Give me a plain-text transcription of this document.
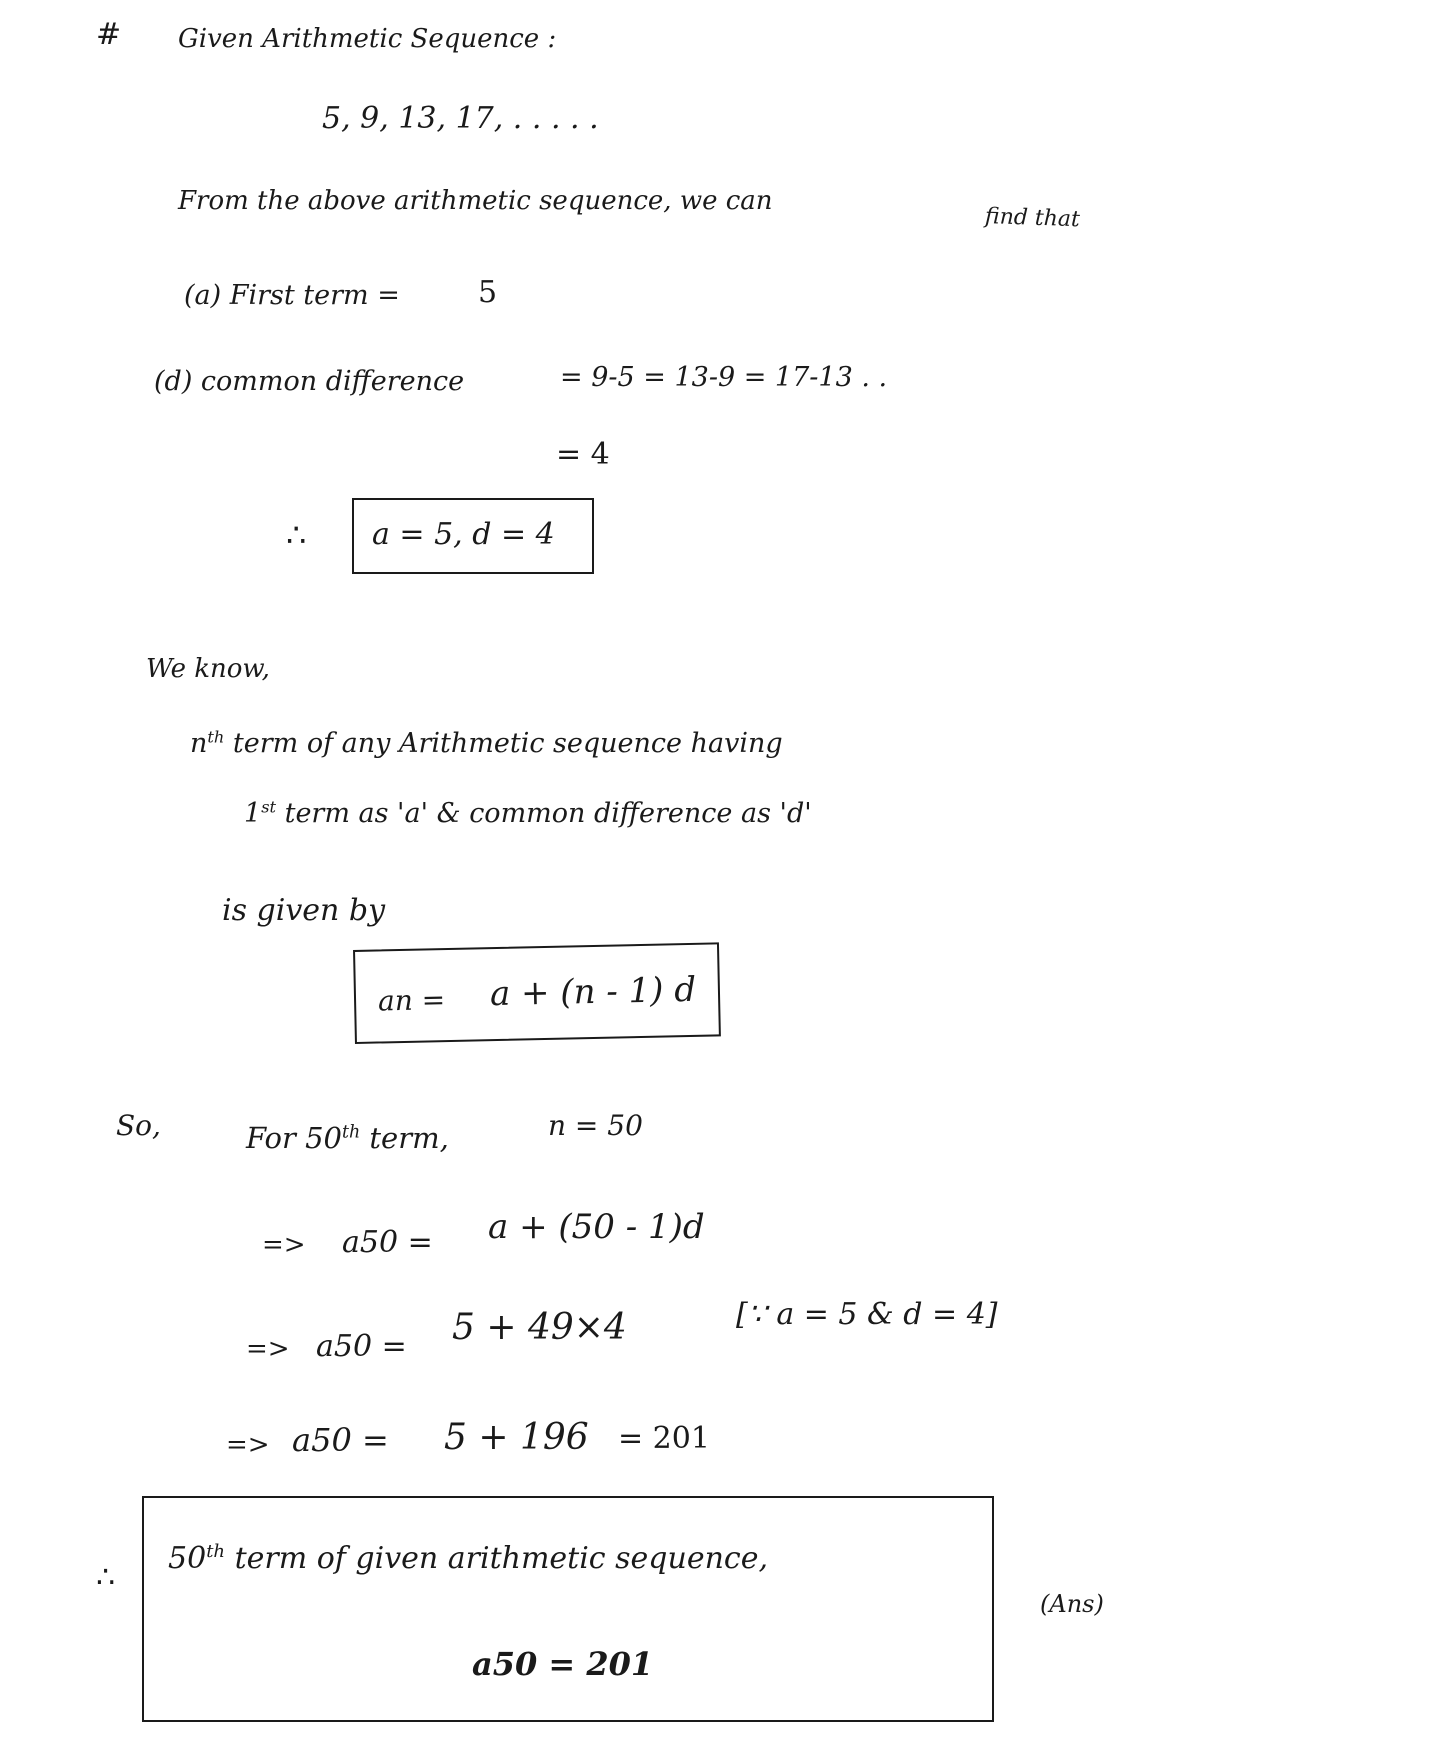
# Given Arithmetic Sequence :
5, 9, 13, 17, . . . . .
From the above arithmetic sequence, we can
find that
(a) First term =	5
(d) common difference	= 9-5 = 13-9 = 17-13 . .
= 4
∴ a = 5, d = 4
We know,
$n^{th}$ term of any Arithmetic sequence having
1st term as 'a' & common difference as 'd'
is given by
an = a + (n - 1) d
So,	For 50th term,	n = 50
=> a50 = a + (50 - 1)d
=> a50 = 5 + 49×4	[∵ a = 5 & d = 4]
=> a50 = 5 + 196 = 201
∴
50th term of given arithmetic sequence,
a50 = 201
(Ans)
